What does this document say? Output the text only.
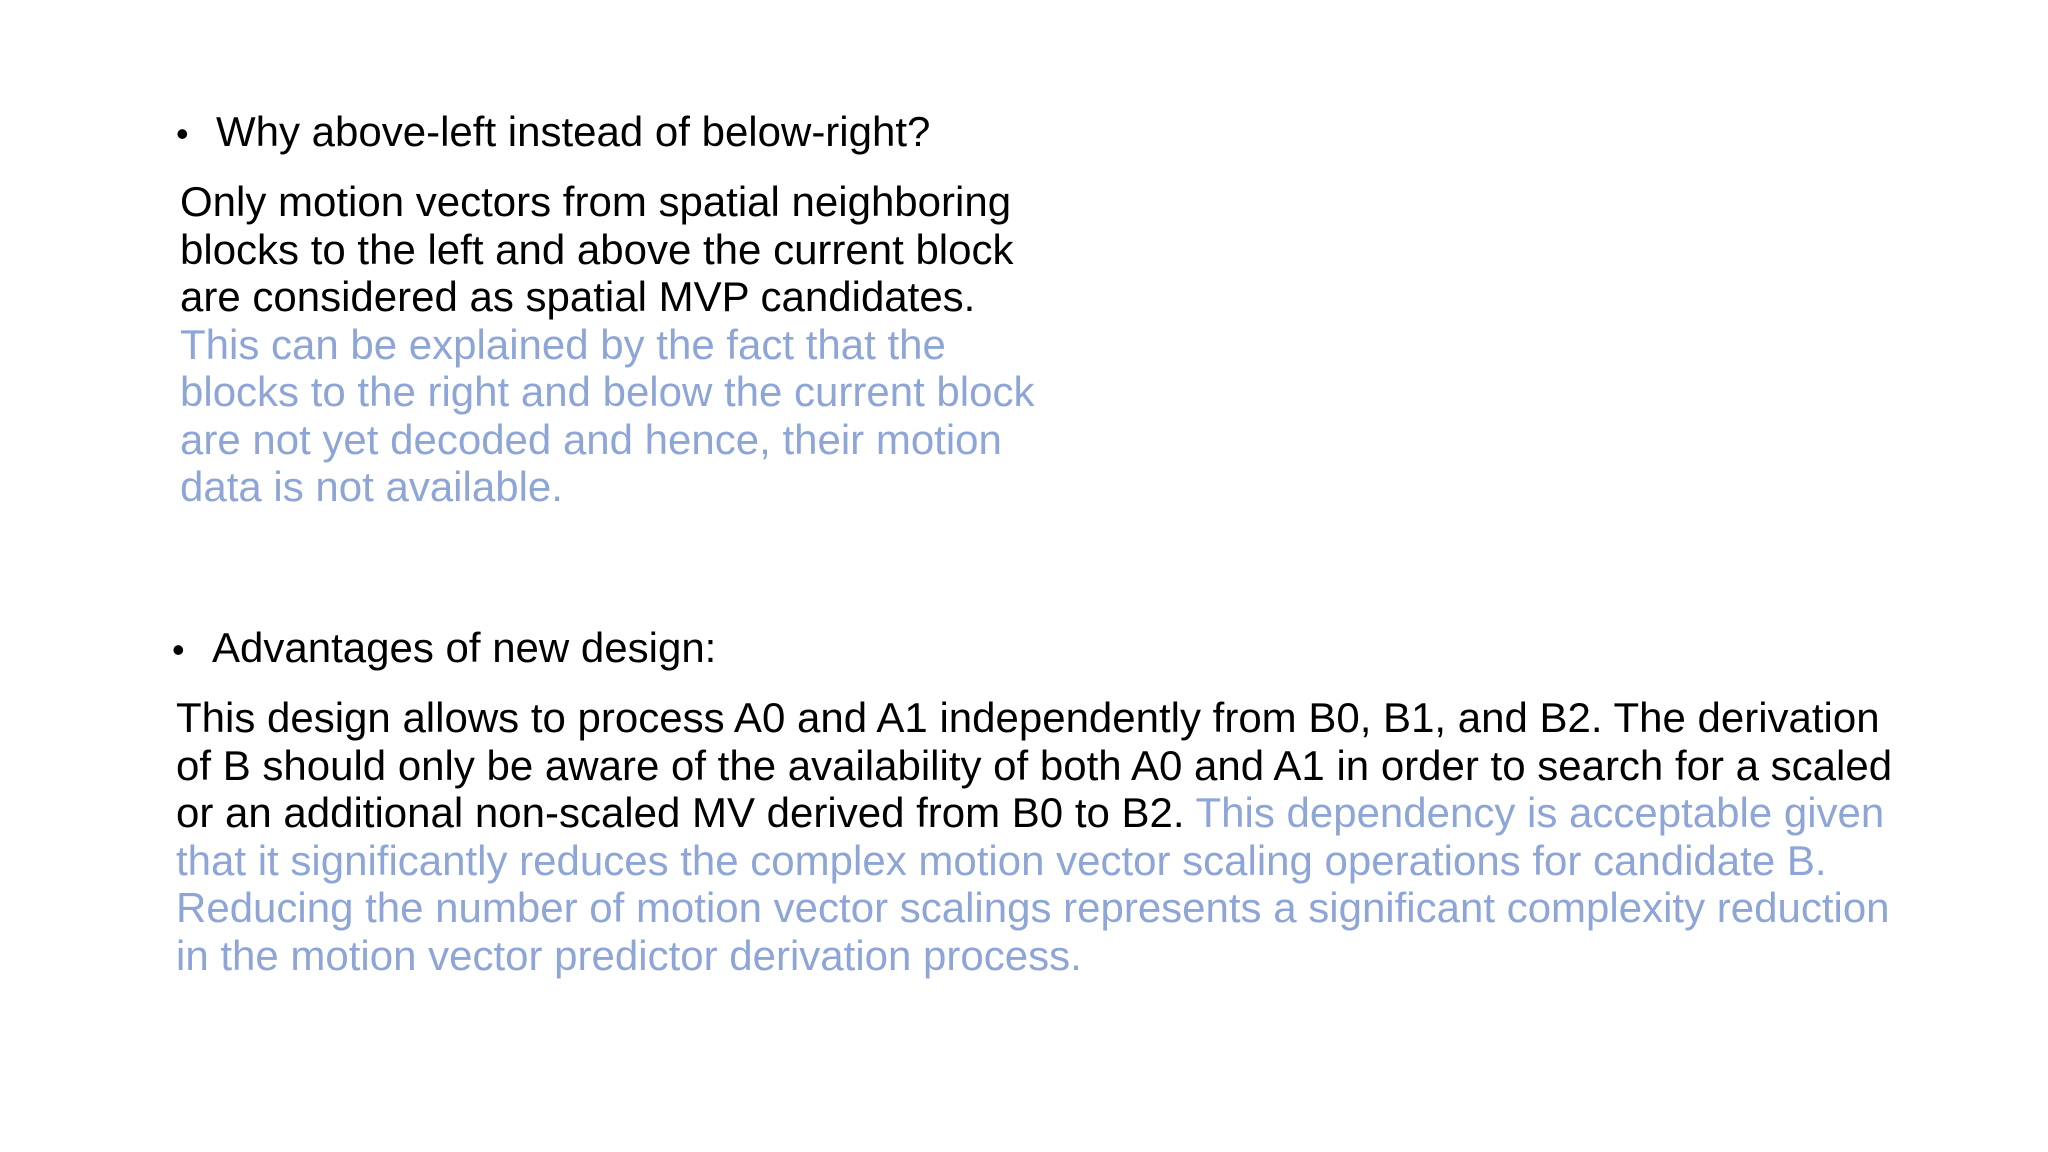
• Why above-left instead of below-right?

Only motion vectors from spatial neighboring blocks to the left and above the current block are considered as spatial MVP candidates. This can be explained by the fact that the blocks to the right and below the current block are not yet decoded and hence, their motion data is not available.

• Advantages of new design:

This design allows to process A0 and A1 independently from B0, B1, and B2. The derivation of B should only be aware of the availability of both A0 and A1 in order to search for a scaled or an additional non-scaled MV derived from B0 to B2. This dependency is acceptable given that it significantly reduces the complex motion vector scaling operations for candidate B. Reducing the number of motion vector scalings represents a significant complexity reduction in the motion vector predictor derivation process.
